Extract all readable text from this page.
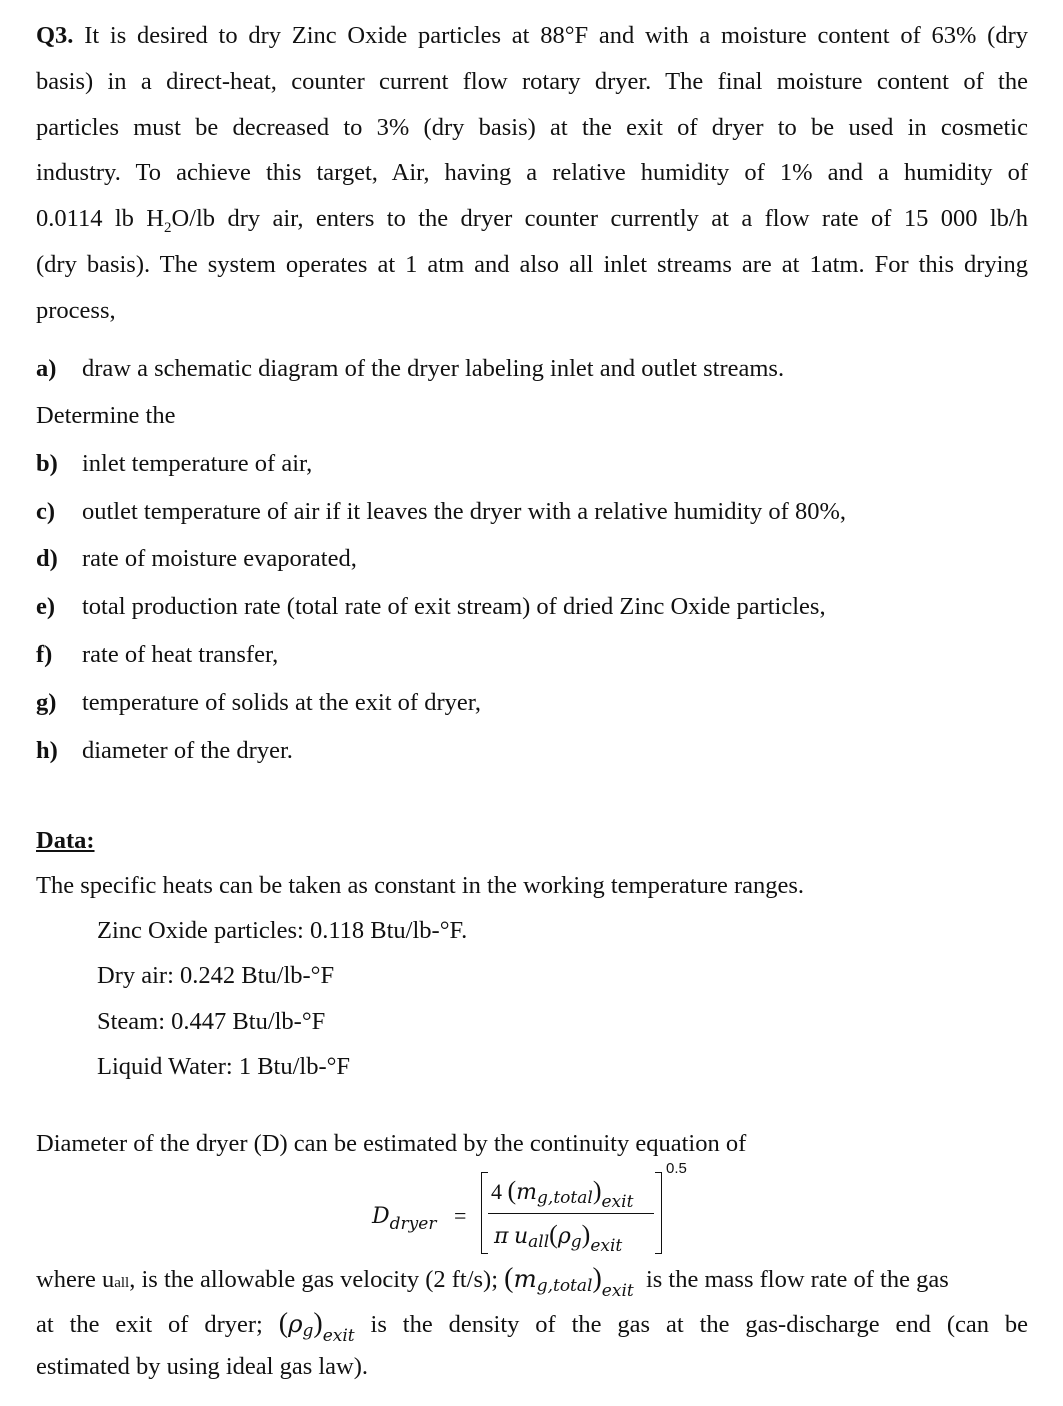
Q3. It is desired to dry Zinc Oxide particles at 88°F and with a moisture content of 63% (dry
basis) in a direct-heat, counter current flow rotary dryer. The final moisture content of the
particles must be decreased to 3% (dry basis) at the exit of dryer to be used in cosmetic
industry. To achieve this target, Air, having a relative humidity of 1% and a humidity of
0.0114 lb $H_2O/lb$ dry air, enters to the dryer counter currently at a flow rate of 15 000 lb/h
(dry basis). The system operates at 1 atm and also all inlet streams are at 1atm. For this drying
process,
a) draw a schematic diagram of the dryer labeling inlet and outlet streams.
Determine the
b) inlet temperature of air,
c) outlet temperature of air if it leaves the dryer with a relative humidity of 80%,
d) rate of moisture evaporated,
e) total production rate (total rate of exit stream) of dried Zinc Oxide particles,
f) rate of heat transfer,
g) temperature of solids at the exit of dryer,
h) diameter of the dryer.
Data:
The specific heats can be taken as constant in the working temperature ranges.
Zinc Oxide particles: 0.118 Btu/lb-°F.
Dry air: 0.242 Btu/lb-°F
Steam: 0.447 Btu/lb-°F
Liquid Water: 1 Btu/lb-°F
Diameter of the dryer (D) can be estimated by the continuity equation of
$D_{dryer}$ =
0.5
4 $(mg,total)_{exit}$
π $uall(\rho g)_{exit}$
where uall, is the allowable gas velocity (2 ft/s); $(mg,total)_{exit}$ is the mass flow rate of the gas
at the exit of dryer; $(\rho g)_{exit}$ is the density of the gas at the gas-discharge end (can be
estimated by using ideal gas law).
